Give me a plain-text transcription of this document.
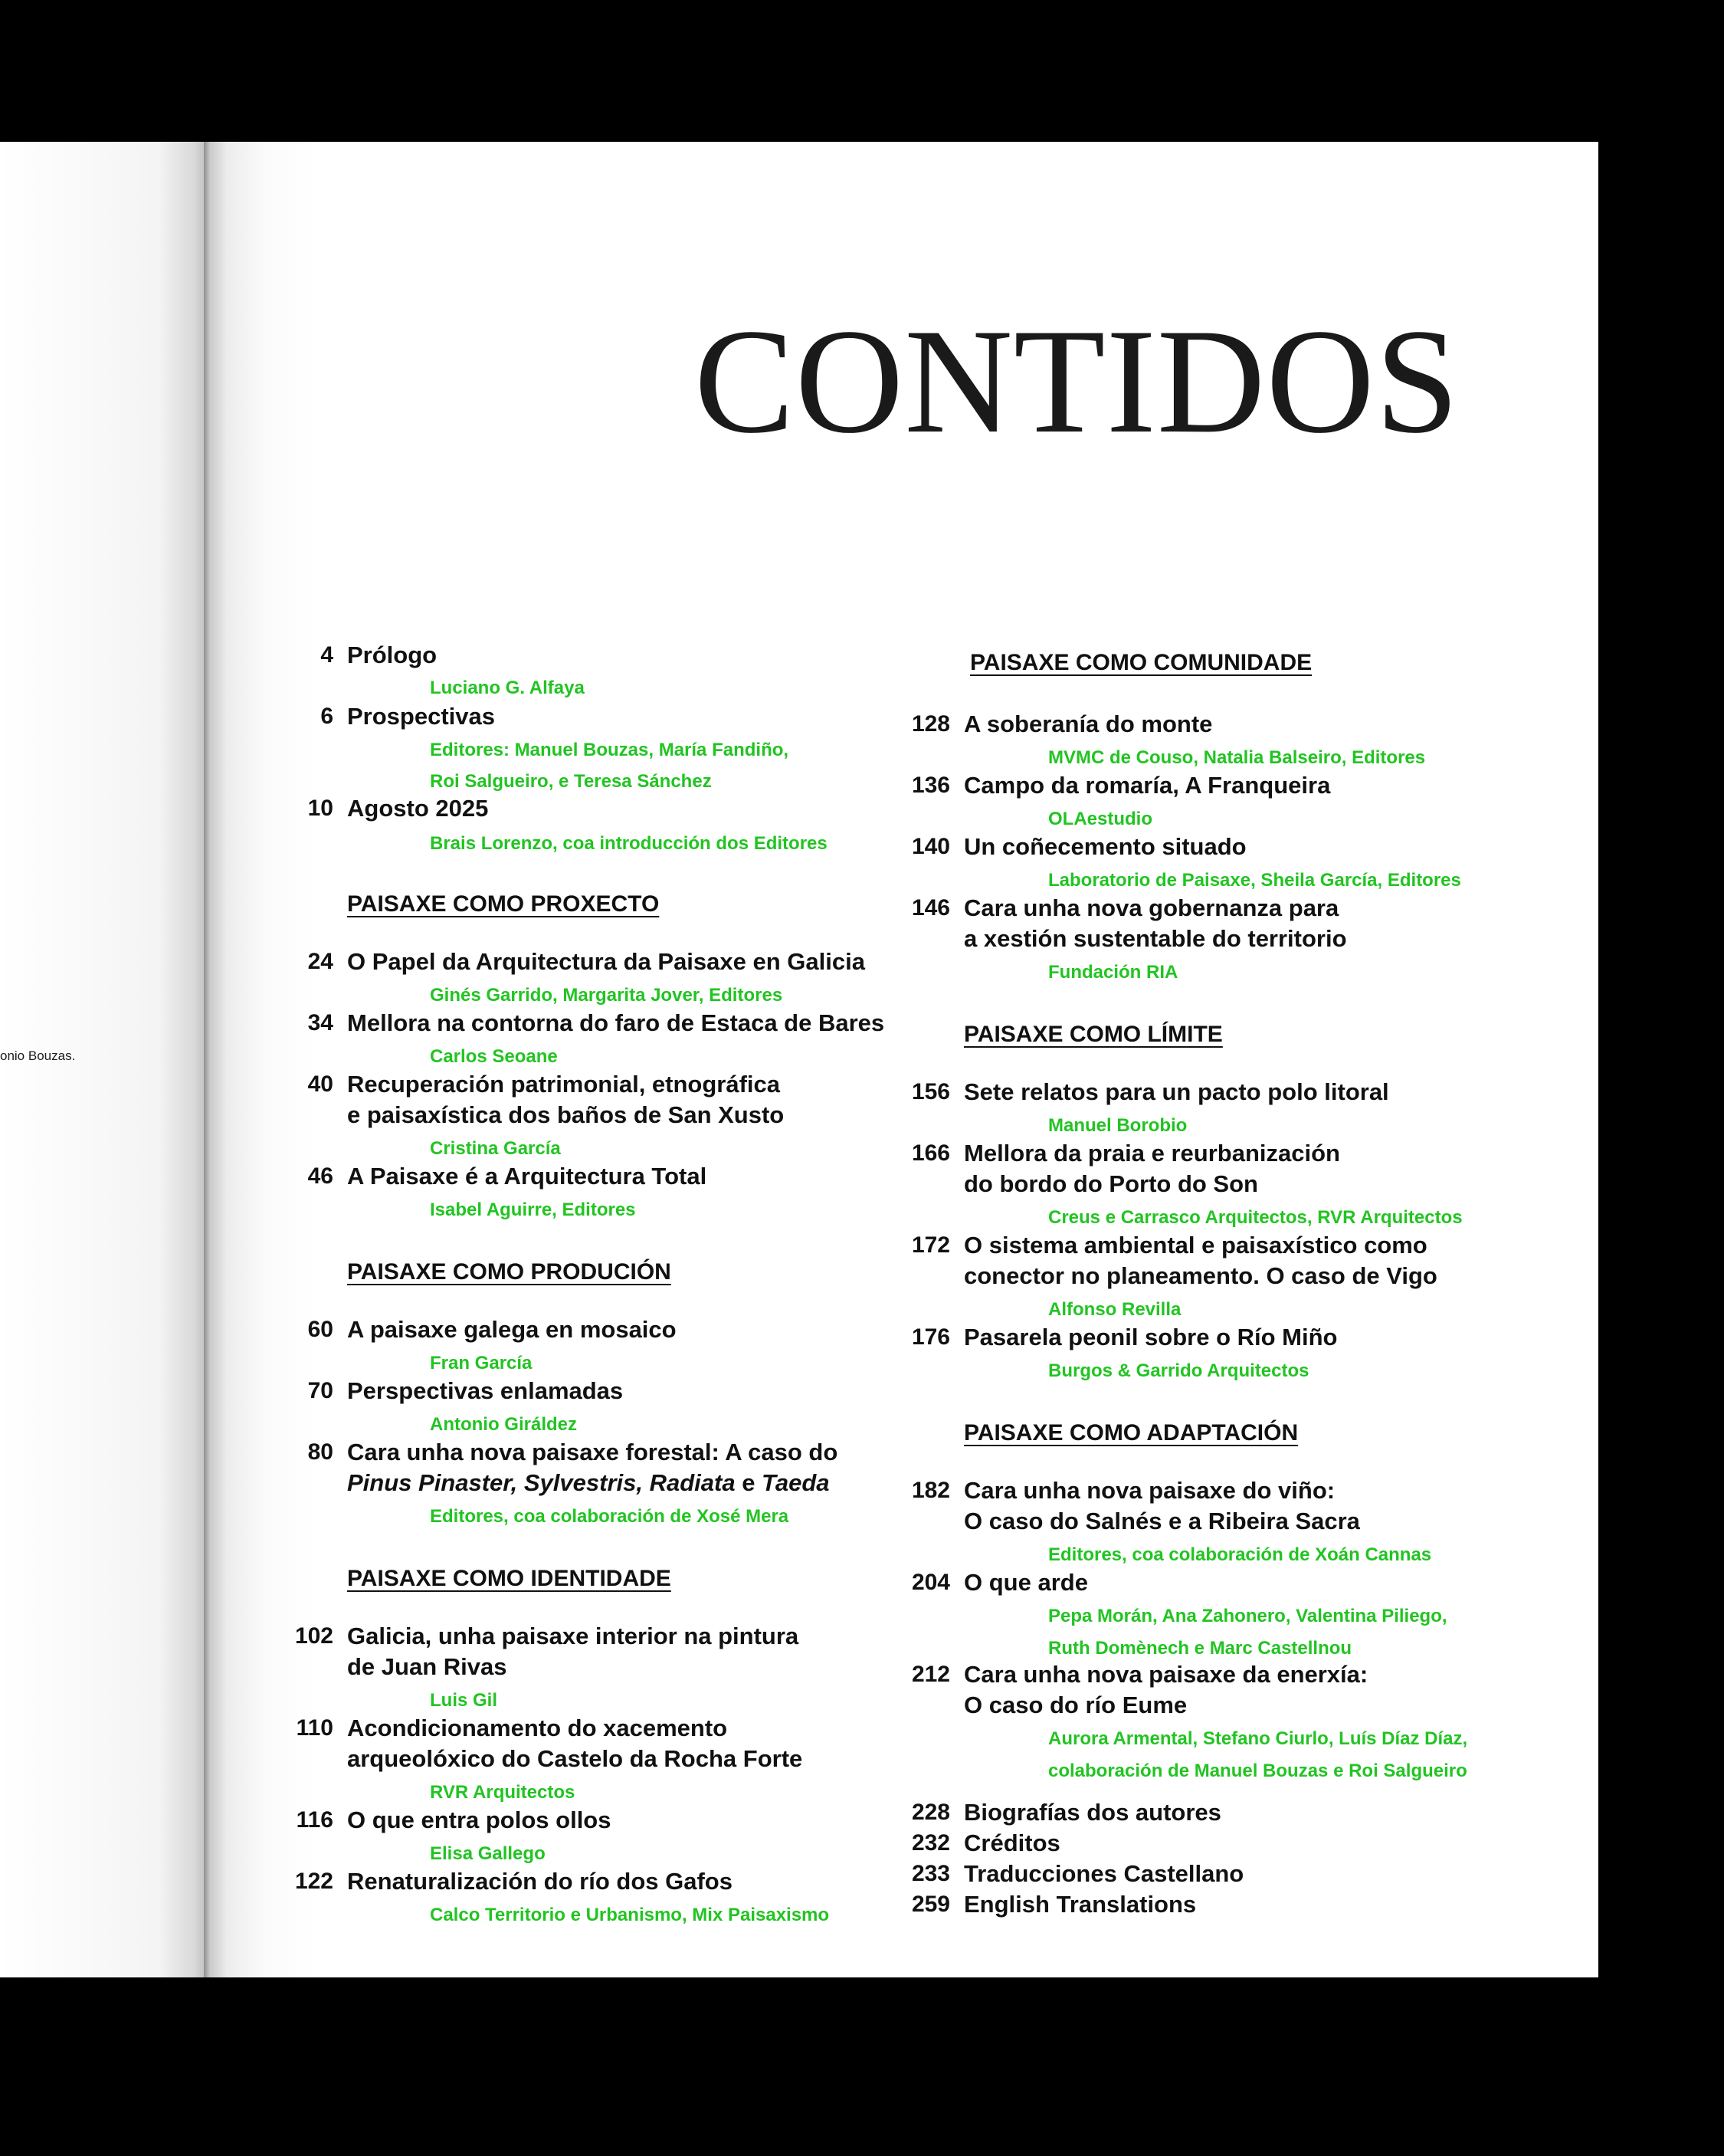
onio Bouzas.
CONTIDOS
4 Prólogo
Luciano G. Alfaya
6 Prospectivas
Editores: Manuel Bouzas, María Fandiño,
Roi Salgueiro, e Teresa Sánchez
10 Agosto 2025
Brais Lorenzo, coa introducción dos Editores
PAISAXE COMO PROXECTO
24 O Papel da Arquitectura da Paisaxe en Galicia
Ginés Garrido, Margarita Jover, Editores
34 Mellora na contorna do faro de Estaca de Bares
Carlos Seoane
40 Recuperación patrimonial, etnográfica
e paisaxística dos baños de San Xusto
Cristina García
46 A Paisaxe é a Arquitectura Total
Isabel Aguirre, Editores
PAISAXE COMO PRODUCIÓN
60 A paisaxe galega en mosaico
Fran García
70 Perspectivas enlamadas
Antonio Giráldez
80 Cara unha nova paisaxe forestal: A caso do
Pinus Pinaster, Sylvestris, Radiata e Taeda
Editores, coa colaboración de Xosé Mera
PAISAXE COMO IDENTIDADE
102 Galicia, unha paisaxe interior na pintura
de Juan Rivas
Luis Gil
110 Acondicionamento do xacemento
arqueolóxico do Castelo da Rocha Forte
RVR Arquitectos
116 O que entra polos ollos
Elisa Gallego
122 Renaturalización do río dos Gafos
Calco Territorio e Urbanismo, Mix Paisaxismo
PAISAXE COMO COMUNIDADE
128 A soberanía do monte
MVMC de Couso, Natalia Balseiro, Editores
136 Campo da romaría, A Franqueira
OLAestudio
140 Un coñecemento situado
Laboratorio de Paisaxe, Sheila García, Editores
146 Cara unha nova gobernanza para
a xestión sustentable do territorio
Fundación RIA
PAISAXE COMO LÍMITE
156 Sete relatos para un pacto polo litoral
Manuel Borobio
166 Mellora da praia e reurbanización
do bordo do Porto do Son
Creus e Carrasco Arquitectos, RVR Arquitectos
172 O sistema ambiental e paisaxístico como
conector no planeamento. O caso de Vigo
Alfonso Revilla
176 Pasarela peonil sobre o Río Miño
Burgos & Garrido Arquitectos
PAISAXE COMO ADAPTACIÓN
182 Cara unha nova paisaxe do viño:
O caso do Salnés e a Ribeira Sacra
Editores, coa colaboración de Xoán Cannas
204 O que arde
Pepa Morán, Ana Zahonero, Valentina Piliego,
Ruth Domènech e Marc Castellnou
212 Cara unha nova paisaxe da enerxía:
O caso do río Eume
Aurora Armental, Stefano Ciurlo, Luís Díaz Díaz,
colaboración de Manuel Bouzas e Roi Salgueiro
228 Biografías dos autores
232 Créditos
233 Traducciones Castellano
259 English Translations
